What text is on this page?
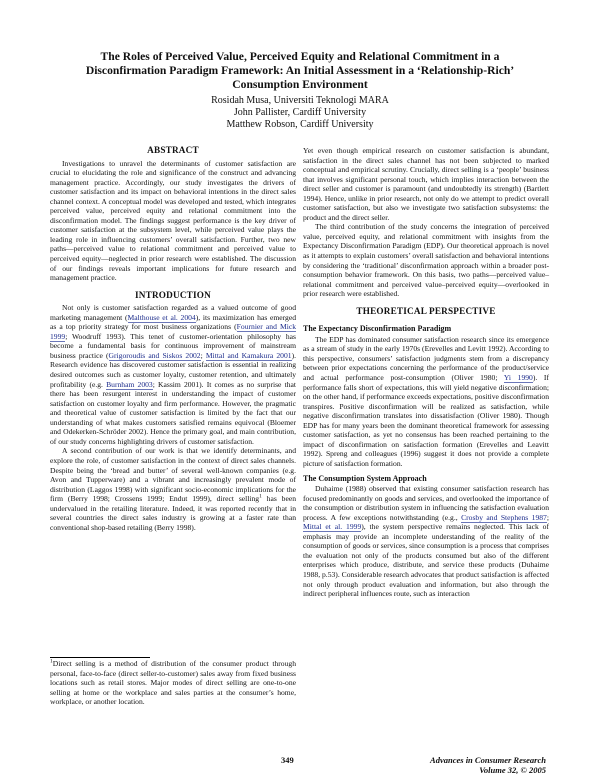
The Roles of Perceived Value, Perceived Equity and Relational Commitment in a
Disconfirmation Paradigm Framework: An Initial Assessment in a ‘Relationship-Rich’
Consumption Environment
Rosidah Musa, Universiti Teknologi MARA
John Pallister, Cardiff University
Matthew Robson, Cardiff University
ABSTRACT

Investigations to unravel the determinants of customer satisfaction are crucial to elucidating the role and significance of the construct and advancing management practice. Accordingly, our study investigates the drivers of customer satisfaction and its impact on behavioral intentions in the direct sales channel context. A conceptual model was developed and tested, which integrates perceived value, perceived equity and relational commitment into the disconfirmation model. The findings suggest performance is the key driver of customer satisfaction at the subsystem level, while perceived value plays the leading role in influencing customers’ overall satisfaction. Further, two new paths—perceived value to relational commitment and perceived value to perceived equity—neglected in prior research were established. The discussion of our findings reveals important implications for future research and management practice.

INTRODUCTION

Not only is customer satisfaction regarded as a valued outcome of good marketing management (Malthouse et al. 2004), its maximization has emerged as a top priority strategy for most business organizations (Fournier and Mick 1999; Woodruff 1993). This tenet of customer-orientation philosophy has become a fundamental basis for continuous improvement of mainstream business practice (Grigoroudis and Siskos 2002; Mittal and Kamakura 2001). Research evidence has discovered customer satisfaction is essential in realizing desired outcomes such as customer loyalty, customer retention, and ultimately profitability (e.g. Burnham 2003; Kassim 2001). It comes as no surprise that there has been resurgent interest in understanding the impact of customer satisfaction on customer loyalty and firm performance. However, the pragmatic and theoretical value of customer satisfaction is limited by the fact that our understanding of what makes customers satisfied remains equivocal (Bloemer and Odekerken-Schröder 2002). Hence the primary goal, and main contribution, of our study concerns highlighting drivers of customer satisfaction.

A second contribution of our work is that we identify determinants, and explore the role, of customer satisfaction in the context of direct sales channels. Despite being the ‘bread and butter’ of several well-known companies (e.g. Avon and Tupperware) and a vibrant and increasingly prevalent mode of distribution (Laggos 1998) with significant socio-economic implications for the firm (Berry 1998; Crossens 1999; Endut 1999), direct selling$^1$ has been undervalued in the retailing literature. Indeed, it was reported recently that in several countries the direct sales industry is growing at a faster rate than conventional shop-based retailing (Berry 1998).

$^1$Direct selling is a method of distribution of the consumer product through personal, face-to-face (direct seller-to-customer) sales away from fixed business locations such as retail stores. Major modes of direct selling are one-to-one selling at home or the workplace and sales parties at the consumer’s home, workplace, or another location.

Yet even though empirical research on customer satisfaction is abundant, satisfaction in the direct sales channel has not been subjected to marked conceptual and empirical scrutiny. Crucially, direct selling is a ‘people’ business that involves significant personal touch, which implies interaction between the direct seller and customer is paramount (and undoubtedly its strength) (Bartlett 1994). Hence, unlike in prior research, not only do we attempt to predict overall customer satisfaction, but also we investigate two satisfaction subsystems: the product and the direct seller.

The third contribution of the study concerns the integration of perceived value, perceived equity, and relational commitment with insights from the Expectancy Disconfirmation Paradigm (EDP). Our theoretical approach is novel as it attempts to explain customers’ overall satisfaction and behavioral intentions by considering the ‘traditional’ disconfirmation approach within a broader post-consumption behavior framework. On this basis, two paths—perceived value–relational commitment and perceived value–perceived equity—overlooked in prior research were established.

THEORETICAL PERSPECTIVE
The Expectancy Disconfirmation Paradigm

The EDP has dominated consumer satisfaction research since its emergence as a stream of study in the early 1970s (Erevelles and Levitt 1992). According to this perspective, consumers’ satisfaction judgments stem from a discrepancy between prior expectations concerning the performance of the product/service and actual performance post-consumption (Oliver 1980; Yi 1990). If performance falls short of expectations, this will yield negative disconfirmation; on the other hand, if performance exceeds expectations, positive disconfirmation transpires. Positive disconfirmation will be realized as satisfaction, while negative disconfirmation translates into dissatisfaction (Oliver 1980). Though EDP has for many years been the dominant theoretical framework for assessing customer satisfaction, as yet no consensus has been reached pertaining to the impact of disconfirmation on satisfaction formation (Erevelles and Leavitt 1992). Spreng and colleagues (1996) suggest it does not provide a complete picture of satisfaction formation.

The Consumption System Approach

Duhaime (1988) observed that existing consumer satisfaction research has focused predominantly on goods and services, and overlooked the importance of the consumption or distribution system in influencing the satisfaction evaluation process. A few exceptions notwithstanding (e.g., Crosby and Stephens 1987; Mittal et al. 1999), the system perspective remains neglected. This lack of emphasis may provide an incomplete understanding of the reality of the consumption of goods or services, since consumption is a process that comprises the evaluation not only of the products consumed but also of the different enterprises which produce, distribute, and service these products (Duhaime 1988, p.53). Considerable research advocates that product satisfaction is affected not only through product evaluation and information, but also through the indirect peripheral influences route, such as interaction

349	Advances in Consumer Research
Volume 32, © 2005
